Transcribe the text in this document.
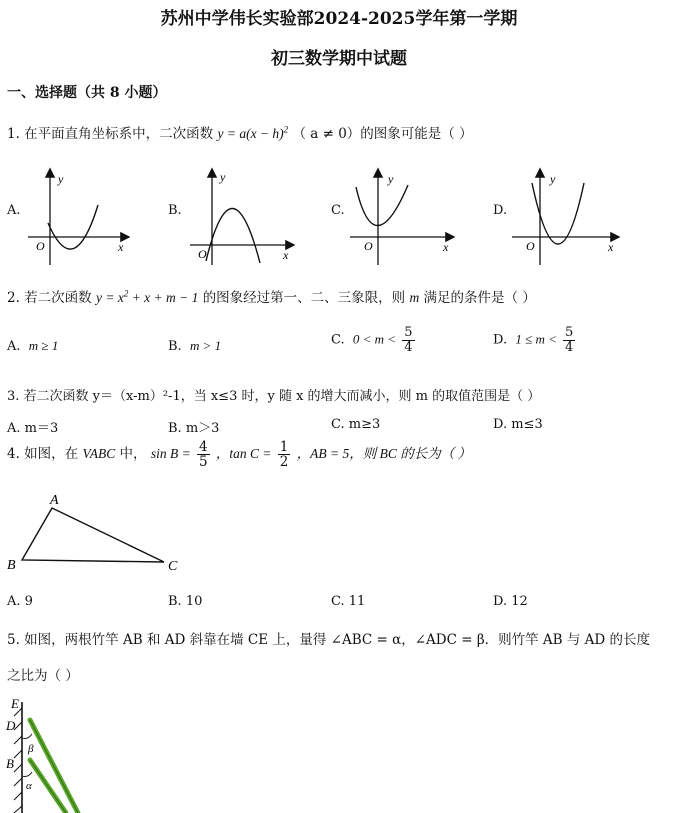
苏州中学伟长实验部2024-2025学年第一学期
初三数学期中试题
一、选择题（共 8 小题）
1. 在平面直角坐标系中，二次函数 $y = a(x - h)^2$ （ a ≠ 0）的图象可能是（ ）
A.	B.	C.	D.
y
x
O
y
x
O
y
x
O
y
x
O
2. 若二次函数 $y = x^2 + x + m - 1$ 的图象经过第一、二、三象限，则 m 满足的条件是（ ）
A. m ≥ 1	B. m > 1	C. $0 < m < \frac{5}{4}$	D. $1 \le m < \frac{5}{4}$
3. 若二次函数 y＝（x-m）²-1，当 x≤3 时，y 随 x 的增大而减小，则 m 的取值范围是（ ）
A. m＝3	B. m＞3	C. m≥3	D. m≤3
4. 如图，在 VABC 中， $\sin B = \frac{4}{5}$ ，$\tan C = \frac{1}{2}$ ，AB = 5，则 BC 的长为（ ）
A
B	C
A. 9	B. 10	C. 11	D. 12
5. 如图，两根竹竿 AB 和 AD 斜靠在墙 CE 上，量得 ∠ABC = α，∠ADC = β．则竹竿 AB 与 AD 的长度
之比为（ ）
E
D
B
β
α
